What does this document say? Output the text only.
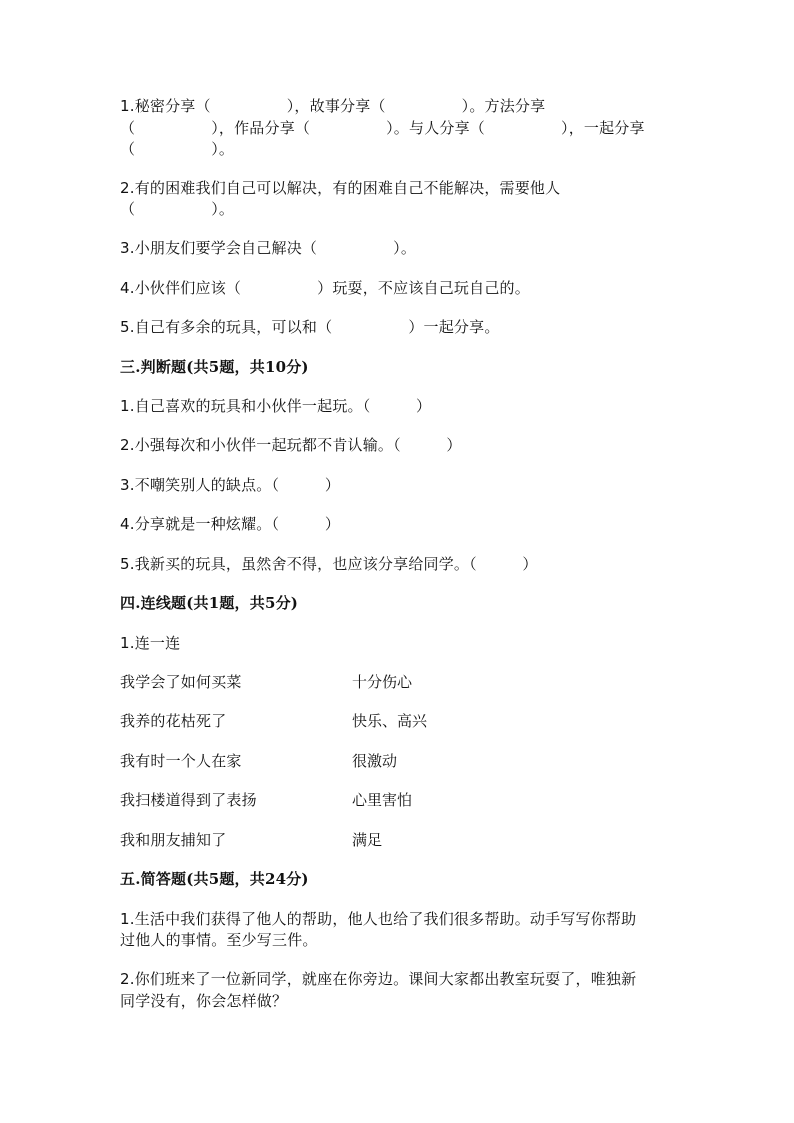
1.秘密分享（　　　　　），故事分享（　　　　　）。方法分享
（　　　　　），作品分享（　　　　　）。与人分享（　　　　　），一起分享
（　　　　　）。
2.有的困难我们自己可以解决，有的困难自己不能解决，需要他人
（　　　　　）。
3.小朋友们要学会自己解决（　　　　　）。
4.小伙伴们应该（　　　　　）玩耍，不应该自己玩自己的。
5.自己有多余的玩具，可以和（　　　　　）一起分享。
三.判断题(共5题，共10分)
1.自己喜欢的玩具和小伙伴一起玩。（　　　）
2.小强每次和小伙伴一起玩都不肯认输。（　　　）
3.不嘲笑别人的缺点。（　　　）
4.分享就是一种炫耀。（　　　）
5.我新买的玩具，虽然舍不得，也应该分享给同学。（　　　）
四.连线题(共1题，共5分)
1.连一连
我学会了如何买菜	十分伤心
我养的花枯死了	快乐、高兴
我有时一个人在家	很激动
我扫楼道得到了表扬	心里害怕
我和朋友捕知了	满足
五.简答题(共5题，共24分)
1.生活中我们获得了他人的帮助，他人也给了我们很多帮助。动手写写你帮助
过他人的事情。至少写三件。
2.你们班来了一位新同学，就座在你旁边。课间大家都出教室玩耍了，唯独新
同学没有，你会怎样做？
